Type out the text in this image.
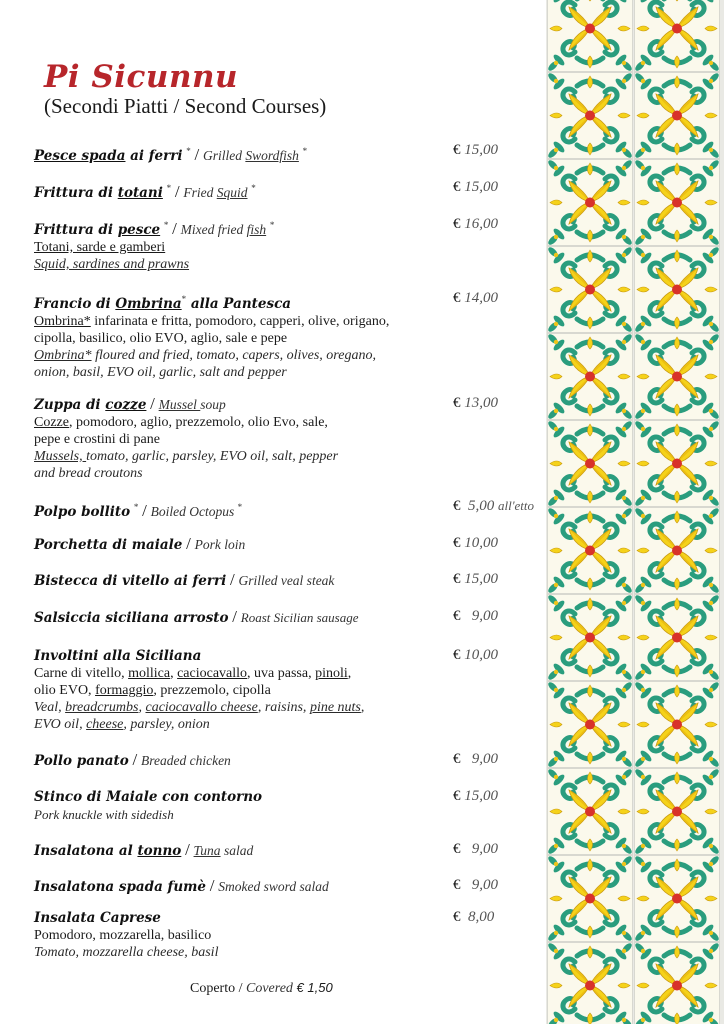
Pi Sicunnu
(Secondi Piatti / Second Courses)
Pesce spada ai ferri * / Grilled Swordfish *	€ 15,00
Frittura di totani * / Fried Squid *	€ 15,00
Frittura di pesce * / Mixed fried fish *
Totani, sarde e gamberi
Squid, sardines and prawns
€ 16,00
Francio di Ombrina* alla Pantesca
Ombrina* infarinata e fritta, pomodoro, capperi, olive, origano, cipolla, basilico, olio EVO, aglio, sale e pepe
Ombrina* floured and fried, tomato, capers, olives, oregano, onion, basil, EVO oil, garlic, salt and pepper
€ 14,00
Zuppa di cozze / Mussel soup
Cozze, pomodoro, aglio, prezzemolo, olio Evo, sale, pepe e crostini di pane
Mussels, tomato, garlic, parsley, EVO oil, salt, pepper and bread croutons
€ 13,00
Polpo bollito * / Boiled Octopus *	€ 5,00 all'etto
Porchetta di maiale / Pork loin	€ 10,00
Bistecca di vitello ai ferri / Grilled veal steak	€ 15,00
Salsiccia siciliana arrosto / Roast Sicilian sausage	€ 9,00
Involtini alla Siciliana
Carne di vitello, mollica, caciocavallo, uva passa, pinoli,
olio EVO, formaggio, prezzemolo, cipolla
Veal, breadcrumbs, caciocavallo cheese, raisins, pine nuts,
EVO oil, cheese, parsley, onion
€ 10,00
Pollo panato / Breaded chicken	€ 9,00
Stinco di Maiale con contorno
Pork knuckle with sidedish
€ 15,00
Insalatona al tonno / Tuna salad	€ 9,00
Insalatona spada fumè / Smoked sword salad	€ 9,00
Insalata Caprese
Pomodoro, mozzarella, basilico
Tomato, mozzarella cheese, basil
€ 8,00
Coperto / Covered € 1,50
